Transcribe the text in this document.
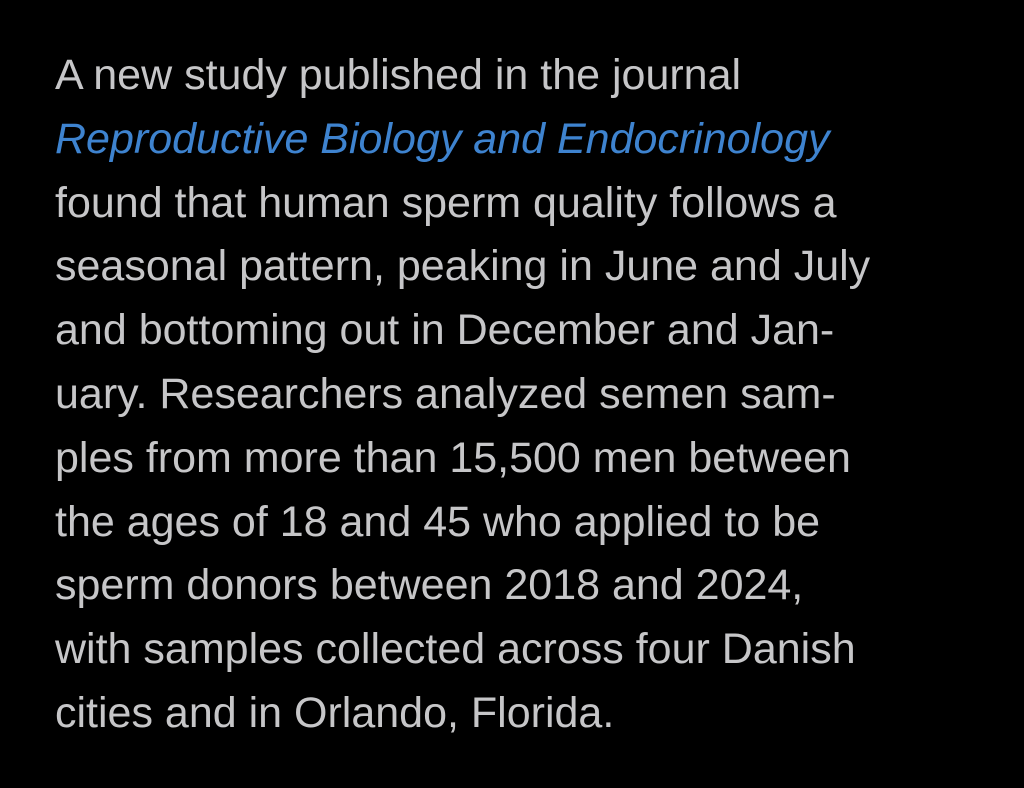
A new study published in the journal
Reproductive Biology and Endocrinology
found that human sperm quality follows a
seasonal pattern, peaking in June and July
and bottoming out in December and Jan-
uary. Researchers analyzed semen sam-
ples from more than 15,500 men between
the ages of 18 and 45 who applied to be
sperm donors between 2018 and 2024,
with samples collected across four Danish
cities and in Orlando, Florida.
